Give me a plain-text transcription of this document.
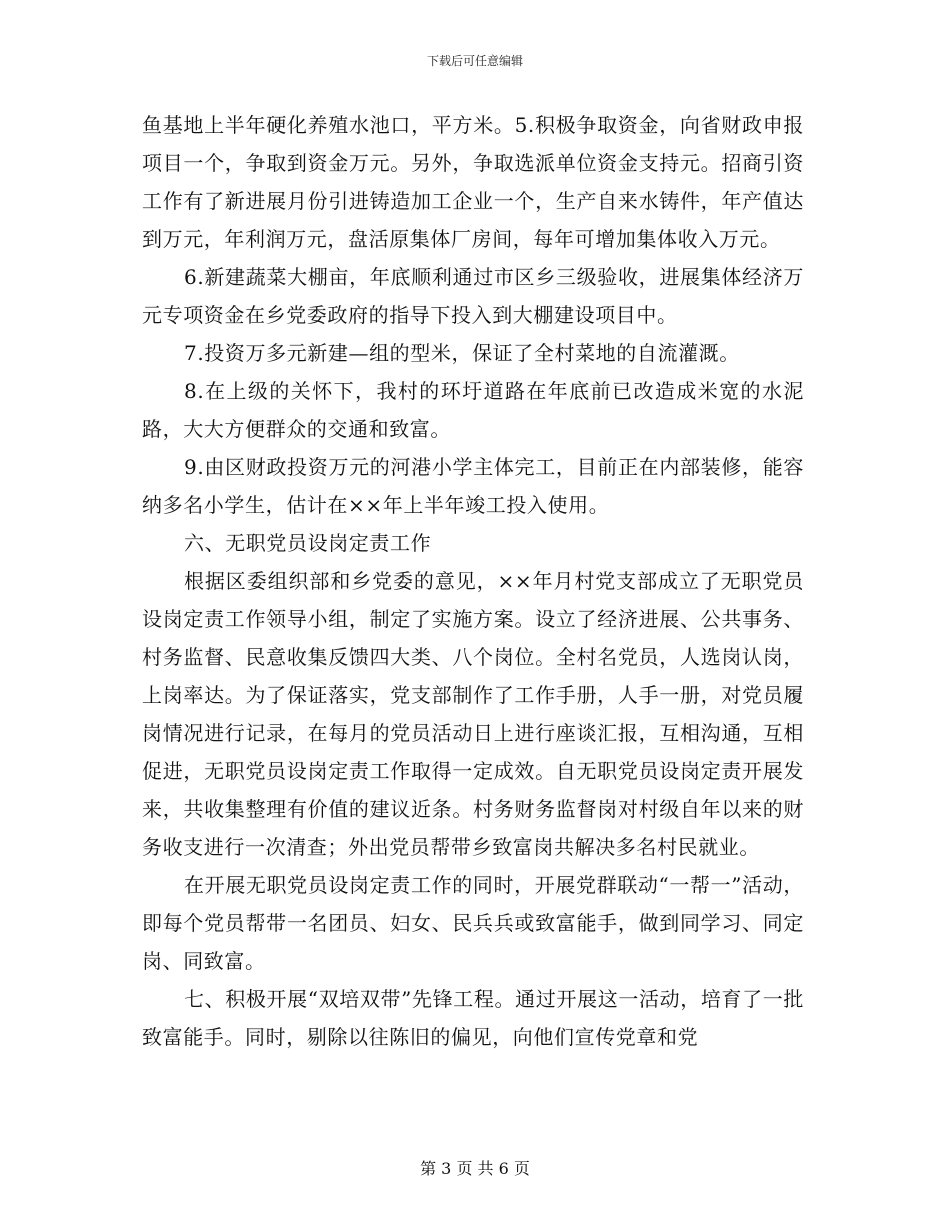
下载后可任意编辑

鱼基地上半年硬化养殖水池口，平方米。5.积极争取资金，向省财政申报项目一个，争取到资金万元。另外，争取选派单位资金支持元。招商引资工作有了新进展月份引进铸造加工企业一个，生产自来水铸件，年产值达到万元，年利润万元，盘活原集体厂房间，每年可增加集体收入万元。

6.新建蔬菜大棚亩，年底顺利通过市区乡三级验收，进展集体经济万元专项资金在乡党委政府的指导下投入到大棚建设项目中。

7.投资万多元新建—组的型米，保证了全村菜地的自流灌溉。

8.在上级的关怀下，我村的环圩道路在年底前已改造成米宽的水泥路，大大方便群众的交通和致富。

9.由区财政投资万元的河港小学主体完工，目前正在内部装修，能容纳多名小学生，估计在××年上半年竣工投入使用。

六、无职党员设岗定责工作

根据区委组织部和乡党委的意见，××年月村党支部成立了无职党员设岗定责工作领导小组，制定了实施方案。设立了经济进展、公共事务、村务监督、民意收集反馈四大类、八个岗位。全村名党员，人选岗认岗，上岗率达。为了保证落实，党支部制作了工作手册，人手一册，对党员履岗情况进行记录，在每月的党员活动日上进行座谈汇报，互相沟通，互相促进，无职党员设岗定责工作取得一定成效。自无职党员设岗定责开展发来，共收集整理有价值的建议近条。村务财务监督岗对村级自年以来的财务收支进行一次清查；外出党员帮带乡致富岗共解决多名村民就业。

在开展无职党员设岗定责工作的同时，开展党群联动“一帮一”活动，即每个党员帮带一名团员、妇女、民兵兵或致富能手，做到同学习、同定岗、同致富。

七、积极开展“双培双带”先锋工程。通过开展这一活动，培育了一批致富能手。同时，剔除以往陈旧的偏见，向他们宣传党章和党

第 3 页 共 6 页
